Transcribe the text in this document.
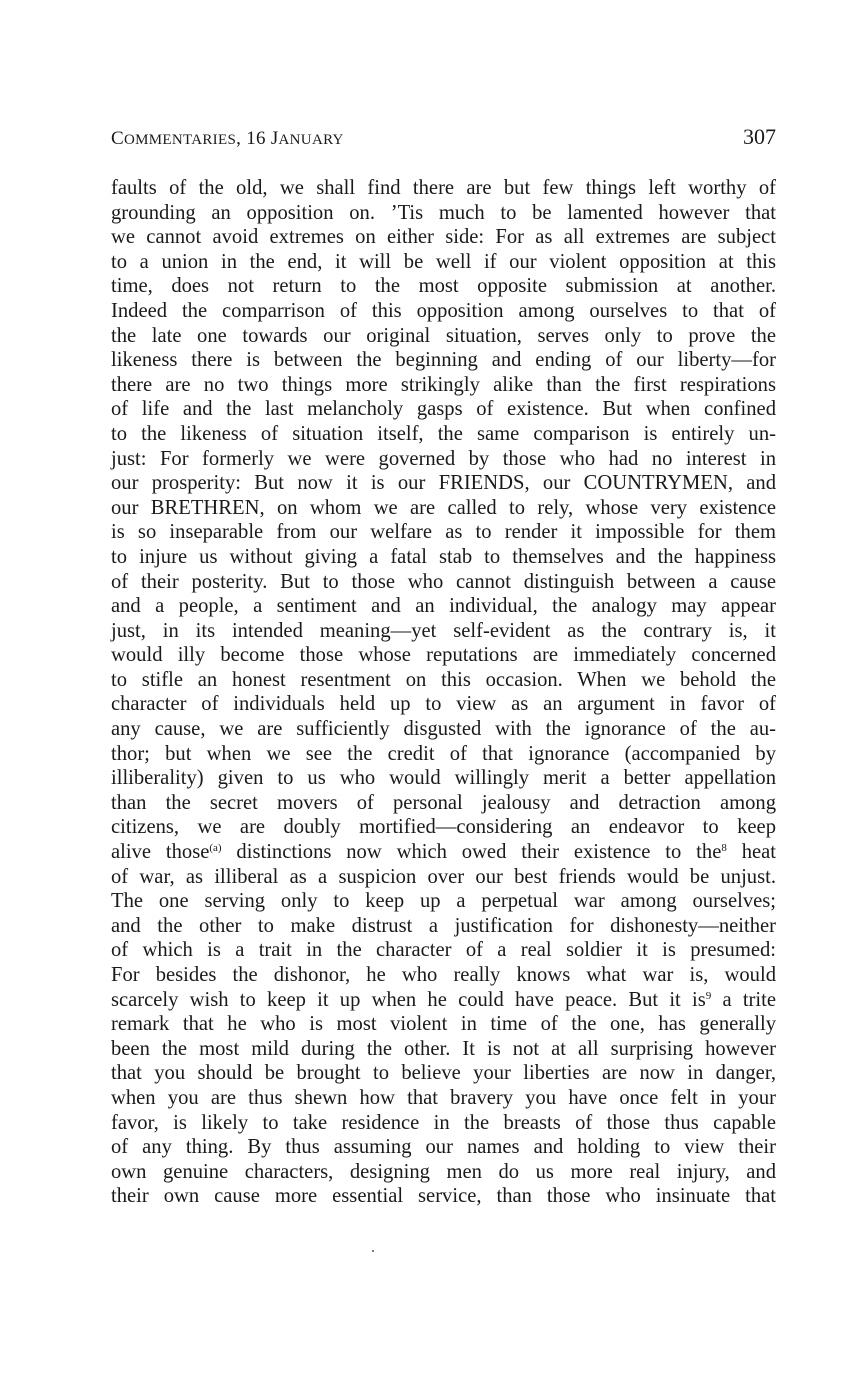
COMMENTARIES, 16 JANUARY	307
faults of the old, we shall find there are but few things left worthy of
grounding an opposition on. ’Tis much to be lamented however that
we cannot avoid extremes on either side: For as all extremes are subject
to a union in the end, it will be well if our violent opposition at this
time, does not return to the most opposite submission at another.
Indeed the comparrison of this opposition among ourselves to that of
the late one towards our original situation, serves only to prove the
likeness there is between the beginning and ending of our liberty—for
there are no two things more strikingly alike than the first respirations
of life and the last melancholy gasps of existence. But when confined
to the likeness of situation itself, the same comparison is entirely un-
just: For formerly we were governed by those who had no interest in
our prosperity: But now it is our FRIENDS, our COUNTRYMEN, and
our BRETHREN, on whom we are called to rely, whose very existence
is so inseparable from our welfare as to render it impossible for them
to injure us without giving a fatal stab to themselves and the happiness
of their posterity. But to those who cannot distinguish between a cause
and a people, a sentiment and an individual, the analogy may appear
just, in its intended meaning—yet self-evident as the contrary is, it
would illy become those whose reputations are immediately concerned
to stifle an honest resentment on this occasion. When we behold the
character of individuals held up to view as an argument in favor of
any cause, we are sufficiently disgusted with the ignorance of the au-
thor; but when we see the credit of that ignorance (accompanied by
illiberality) given to us who would willingly merit a better appellation
than the secret movers of personal jealousy and detraction among
citizens, we are doubly mortified—considering an endeavor to keep
alive those$^{(a)}$ distinctions now which owed their existence to the$^8$ heat
of war, as illiberal as a suspicion over our best friends would be unjust.
The one serving only to keep up a perpetual war among ourselves;
and the other to make distrust a justification for dishonesty—neither
of which is a trait in the character of a real soldier it is presumed:
For besides the dishonor, he who really knows what war is, would
scarcely wish to keep it up when he could have peace. But it $is^9$ a trite
remark that he who is most violent in time of the one, has generally
been the most mild during the other. It is not at all surprising however
that you should be brought to believe your liberties are now in danger,
when you are thus shewn how that bravery you have once felt in your
favor, is likely to take residence in the breasts of those thus capable
of any thing. By thus assuming our names and holding to view their
own genuine characters, designing men do us more real injury, and
their own cause more essential service, than those who insinuate that
